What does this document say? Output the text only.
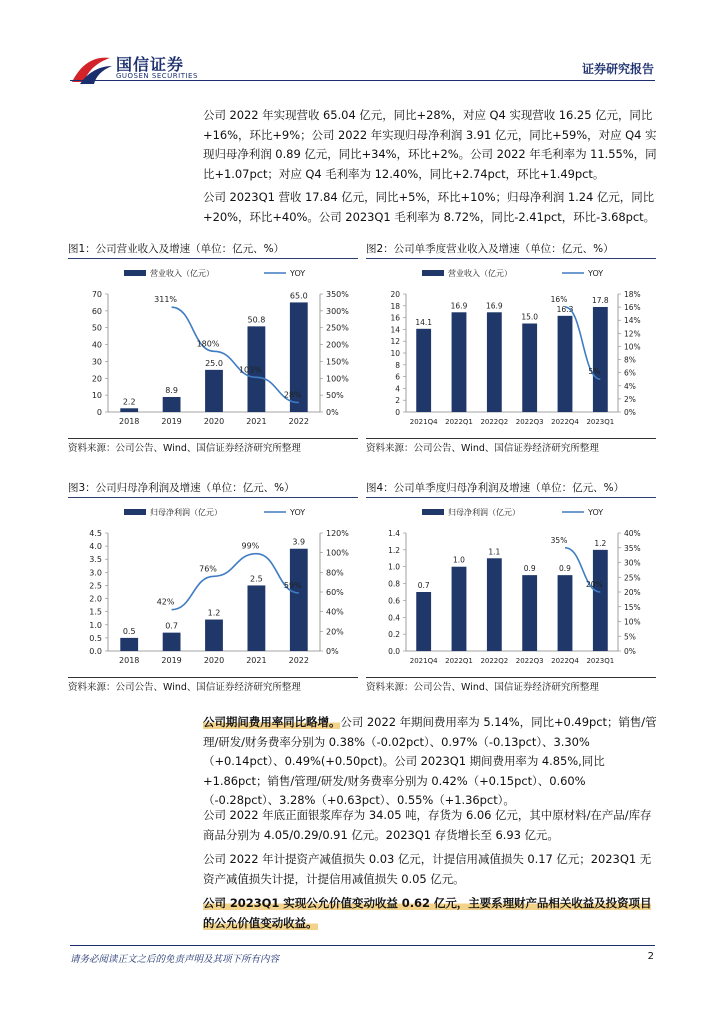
国信证券
GUOSEN SECURITIES	证券研究报告

公司 2022 年实现营收 65.04 亿元，同比+28%，对应 Q4 实现营收 16.25 亿元，同比+16%，环比+9%；公司 2022 年实现归母净利润 3.91 亿元，同比+59%，对应 Q4 实现归母净利润 0.89 亿元，同比+34%，环比+2%。公司 2022 年毛利率为 11.55%，同比+1.07pct；对应 Q4 毛利率为 12.40%，同比+2.74pct，环比+1.49pct。

公司 2023Q1 营收 17.84 亿元，同比+5%，环比+10%；归母净利润 1.24 亿元，同比+20%，环比+40%。公司 2023Q1 毛利率为 8.72%，同比-2.41pct，环比-3.68pct。

图1：公司营业收入及增速（单位：亿元、%）
营业收入（亿元）	YOY
0
10
20
30
40
50
60
70
0%
50%
100%
150%
200%
250%
300%
350%
2.2
2018
8.9
2019
25.0
2020
50.8
2021
65.0
2022
311%
180%
103%
28%
资料来源：公司公告、Wind、国信证券经济研究所整理
图2：公司单季度营业收入及增速（单位：亿元、%）
营业收入（亿元）	YOY
0
2
4
6
8
10
12
14
16
18
20
0%
2%
4%
6%
8%
10%
12%
14%
16%
18%
14.1
2021Q4
16.9
2022Q1
16.9
2022Q2
15.0
2022Q3
16.3
2022Q4
17.8
2023Q1
16%
5%
资料来源：公司公告、Wind、国信证券经济研究所整理
图3：公司归母净利润及增速（单位：亿元、%）
归母净利润（亿元）	YOY
0.0
0.5
1.0
1.5
2.0
2.5
3.0
3.5
4.0
4.5
0%
20%
40%
60%
80%
100%
120%
0.5
2018
0.7
2019
1.2
2020
2.5
2021
3.9
2022
42%
76%
99%
59%
资料来源：公司公告、Wind、国信证券经济研究所整理
图4：公司单季度归母净利润及增速（单位：亿元、%）
归母净利润（亿元）	YOY
0.0
0.2
0.4
0.6
0.8
1.0
1.2
1.4
0%
5%
10%
15%
20%
25%
30%
35%
40%
0.7
2021Q4
1.0
2022Q1
1.1
2022Q2
0.9
2022Q3
0.9
2022Q4
1.2
2023Q1
35%
20%
资料来源：公司公告、Wind、国信证券经济研究所整理

公司期间费用率同比略增。公司 2022 年期间费用率为 5.14%，同比+0.49pct；销售/管理/研发/财务费率分别为 0.38%（-0.02pct）、0.97%（-0.13pct）、3.30%（+0.14pct）、0.49%(+0.50pct)。公司 2023Q1 期间费用率为 4.85%,同比+1.86pct；销售/管理/研发/财务费率分别为 0.42%（+0.15pct）、0.60%（-0.28pct）、3.28%（+0.63pct）、0.55%（+1.36pct）。

公司 2022 年底正面银浆库存为 34.05 吨，存货为 6.06 亿元，其中原材料/在产品/库存商品分别为 4.05/0.29/0.91 亿元。2023Q1 存货增长至 6.93 亿元。

公司 2022 年计提资产减值损失 0.03 亿元，计提信用减值损失 0.17 亿元；2023Q1 无资产减值损失计提，计提信用减值损失 0.05 亿元。

公司 2023Q1 实现公允价值变动收益 0.62 亿元，主要系理财产品相关收益及投资项目的公允价值变动收益。

请务必阅读正文之后的免责声明及其项下所有内容	2
